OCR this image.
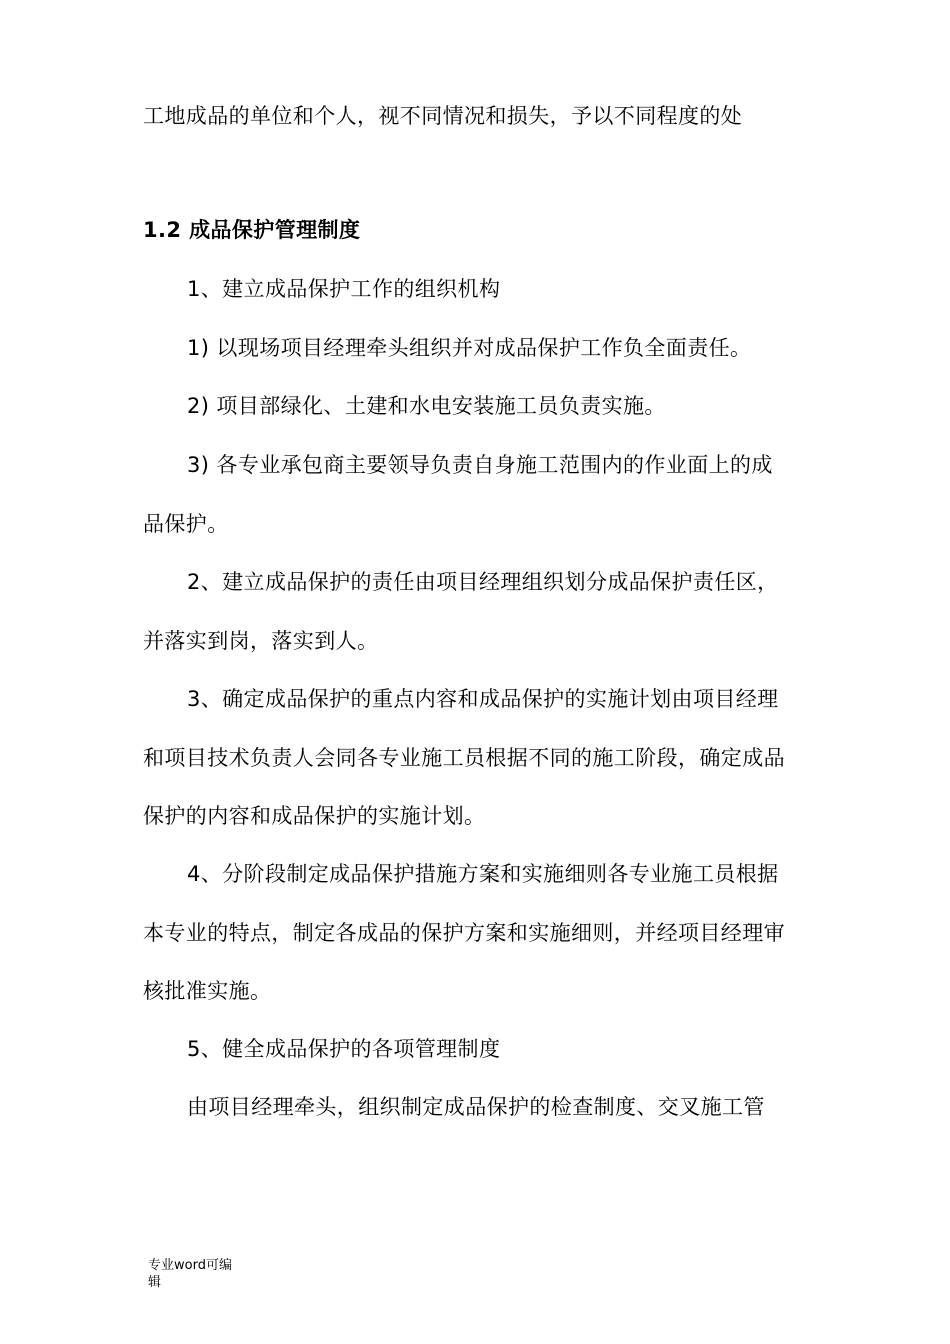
工地成品的单位和个人，视不同情况和损失，予以不同程度的处
1.2 成品保护管理制度
1、建立成品保护工作的组织机构
1) 以现场项目经理牵头组织并对成品保护工作负全面责任。
2) 项目部绿化、土建和水电安装施工员负责实施。
3) 各专业承包商主要领导负责自身施工范围内的作业面上的成
品保护。
2、建立成品保护的责任由项目经理组织划分成品保护责任区，
并落实到岗，落实到人。
3、确定成品保护的重点内容和成品保护的实施计划由项目经理
和项目技术负责人会同各专业施工员根据不同的施工阶段，确定成品
保护的内容和成品保护的实施计划。
4、分阶段制定成品保护措施方案和实施细则各专业施工员根据
本专业的特点，制定各成品的保护方案和实施细则，并经项目经理审
核批准实施。
5、健全成品保护的各项管理制度
由项目经理牵头，组织制定成品保护的检查制度、交叉施工管
专业word可编
辑
